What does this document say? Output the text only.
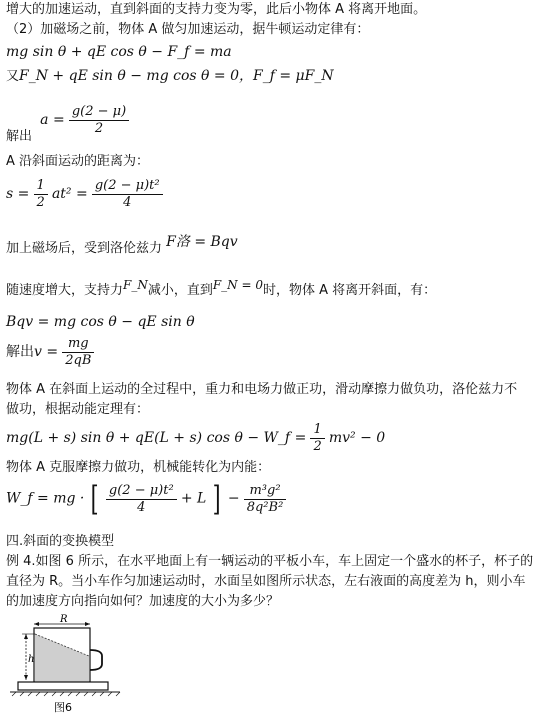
增大的加速运动，直到斜面的支持力变为零，此后小物体 A 将离开地面。
（2）加磁场之前，物体 A 做匀加速运动，据牛顿运动定律有：
mg sin θ + qE cos θ − F_f = ma
又F_N + qE sin θ − mg cos θ = 0，F_f = μF_N
解出 $a = \frac{g(2 - \mu)}{2}$
A 沿斜面运动的距离为：
$s = \frac{1}{2} at^2 = \frac{\text{g(2 − μ)t²}}{4}$
加上磁场后，受到洛伦兹力 F洛 = Bqv
随速度增大，支持力F_N减小，直到F_N = 0时，物体 A 将离开斜面，有：
Bqv = mg cos θ − qE sin θ
解出$v = \frac{mg}{2qB}$
物体 A 在斜面上运动的全过程中，重力和电场力做正功，滑动摩擦力做负功，洛伦兹力不
做功，根据动能定理有：
mg(L + s) sin θ + qE(L + s) cos θ − W_f = $\frac{1}{2} mv^2 - 0$
物体 A 克服摩擦力做功，机械能转化为内能：
W_f = mg · [ $\frac{\text{g(2 − μ)t²}}{4} + L$ ] − $\frac{\text{m³g²}}{\text{8q²B²}}$
四.斜面的变换模型
例 4.如图 6 所示，在水平地面上有一辆运动的平板小车，车上固定一个盛水的杯子，杯子的
直径为 R。当小车作匀加速运动时，水面呈如图所示状态，左右液面的高度差为 h，则小车
的加速度方向指向如何？加速度的大小为多少？
R
h
图6
